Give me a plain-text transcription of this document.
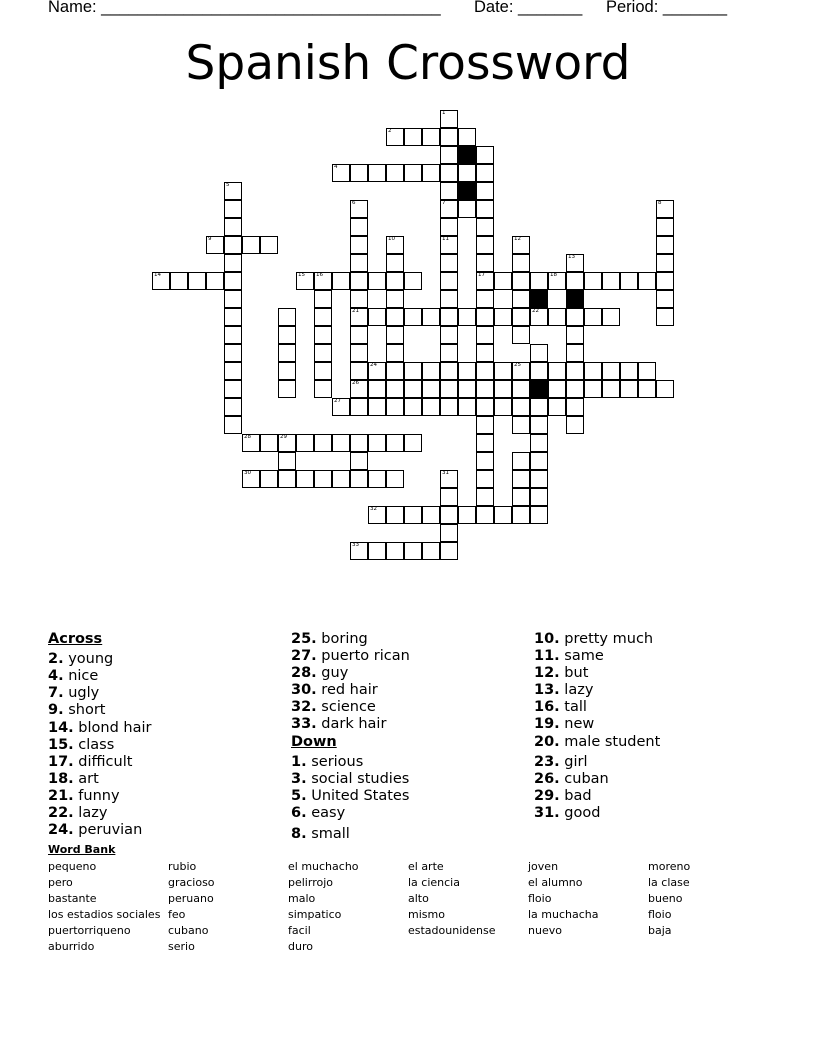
Name: _____________________________________ Date: _______ Period: _______
Spanish Crossword
2
4
7
9
14	15 16	17	18
21	22
24	25
26
27
28	29
30
32
33
1
5
6	8
10	11	12
13
31
3
20
Across
2. young
4. nice
7. ugly
9. short
14. blond hair
15. class
17. difficult
18. art
21. funny
22. lazy
24. peruvian
25. boring
27. puerto rican
28. guy
30. red hair
32. science
33. dark hair
Down
1. serious
3. social studies
5. United States
6. easy
8. small
10. pretty much
11. same
12. but
13. lazy
16. tall
19. new
20. male student
23. girl
26. cuban
29. bad
31. good
Word Bank
pequeno
pero
bastante
los estadios sociales
puertorriqueno
aburrido
rubio
gracioso
peruano
feo
cubano
serio
el muchacho
pelirrojo
malo
simpatico
facil
duro
el arte
la ciencia
alto
mismo
estadounidense
joven
el alumno
floio
la muchacha
nuevo
moreno
la clase
bueno
floio
baja
